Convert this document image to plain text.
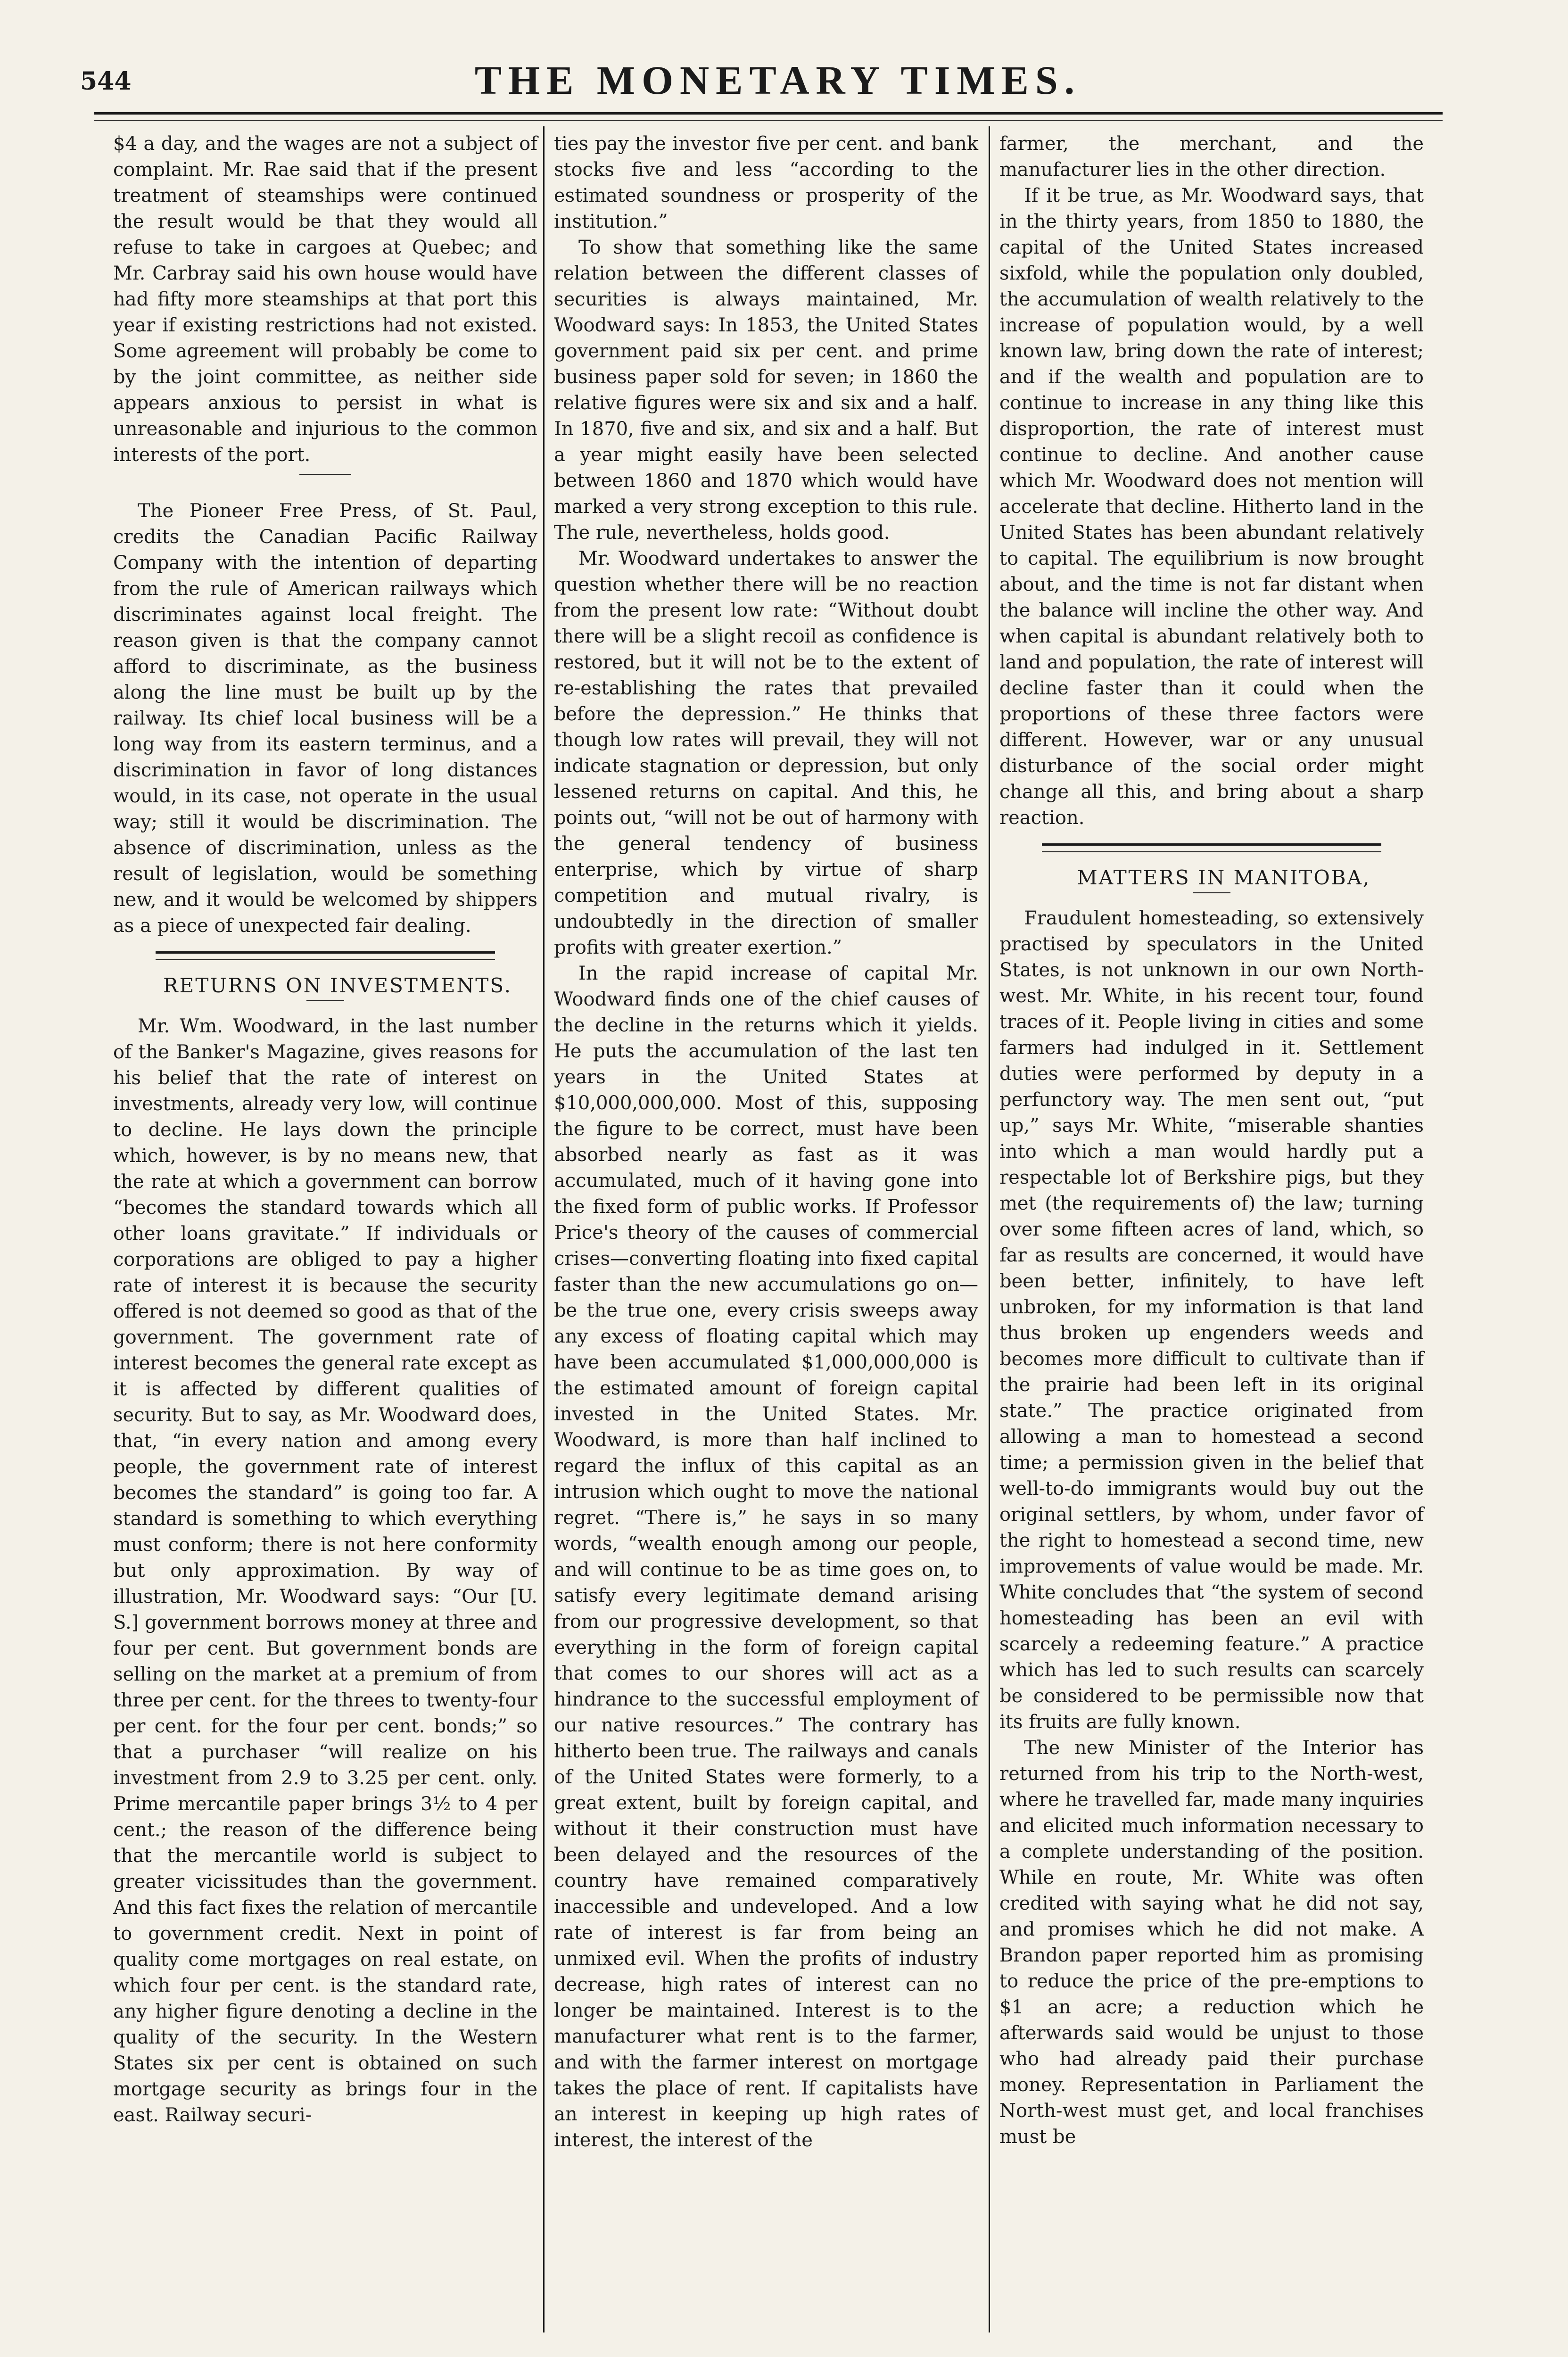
544	THE MONETARY TIMES.

$4 a day, and the wages are not a subject of complaint. Mr. Rae said that if the present treatment of steamships were continued the result would be that they would all refuse to take in cargoes at Quebec; and Mr. Carbray said his own house would have had fifty more steamships at that port this year if existing restrictions had not existed. Some agreement will probably be come to by the joint committee, as neither side appears anxious to persist in what is unreasonable and injurious to the common interests of the port.

The Pioneer Free Press, of St. Paul, credits the Canadian Pacific Railway Company with the intention of departing from the rule of American railways which discriminates against local freight. The reason given is that the company cannot afford to discriminate, as the business along the line must be built up by the railway. Its chief local business will be a long way from its eastern terminus, and a discrimination in favor of long distances would, in its case, not operate in the usual way; still it would be discrimination. The absence of discrimination, unless as the result of legislation, would be something new, and it would be welcomed by shippers as a piece of unexpected fair dealing.

RETURNS ON INVESTMENTS.

Mr. Wm. Woodward, in the last number of the Banker's Magazine, gives reasons for his belief that the rate of interest on investments, already very low, will continue to decline. He lays down the principle which, however, is by no means new, that the rate at which a government can borrow “becomes the standard towards which all other loans gravitate.” If individuals or corporations are obliged to pay a higher rate of interest it is because the security offered is not deemed so good as that of the government. The government rate of interest becomes the general rate except as it is affected by different qualities of security. But to say, as Mr. Woodward does, that, “in every nation and among every people, the government rate of interest becomes the standard” is going too far. A standard is something to which everything must conform; there is not here conformity but only approximation. By way of illustration, Mr. Woodward says: “Our [U. S.] government borrows money at three and four per cent. But government bonds are selling on the market at a premium of from three per cent. for the threes to twenty-four per cent. for the four per cent. bonds;” so that a purchaser “will realize on his investment from 2.9 to 3.25 per cent. only. Prime mercantile paper brings 3½ to 4 per cent.; the reason of the difference being that the mercantile world is subject to greater vicissitudes than the government. And this fact fixes the relation of mercantile to government credit. Next in point of quality come mortgages on real estate, on which four per cent. is the standard rate, any higher figure denoting a decline in the quality of the security. In the Western States six per cent is obtained on such mortgage security as brings four in the east. Railway securi-

ties pay the investor five per cent. and bank stocks five and less “according to the estimated soundness or prosperity of the institution.”

To show that something like the same relation between the different classes of securities is always maintained, Mr. Woodward says: In 1853, the United States government paid six per cent. and prime business paper sold for seven; in 1860 the relative figures were six and six and a half. In 1870, five and six, and six and a half. But a year might easily have been selected between 1860 and 1870 which would have marked a very strong exception to this rule. The rule, nevertheless, holds good.

Mr. Woodward undertakes to answer the question whether there will be no reaction from the present low rate: “Without doubt there will be a slight recoil as confidence is restored, but it will not be to the extent of re-establishing the rates that prevailed before the depression.” He thinks that though low rates will prevail, they will not indicate stagnation or depression, but only lessened returns on capital. And this, he points out, “will not be out of harmony with the general tendency of business enterprise, which by virtue of sharp competition and mutual rivalry, is undoubtedly in the direction of smaller profits with greater exertion.”

In the rapid increase of capital Mr. Woodward finds one of the chief causes of the decline in the returns which it yields. He puts the accumulation of the last ten years in the United States at $10,000,000,000. Most of this, supposing the figure to be correct, must have been absorbed nearly as fast as it was accumulated, much of it having gone into the fixed form of public works. If Professor Price's theory of the causes of commercial crises—converting floating into fixed capital faster than the new accumulations go on—be the true one, every crisis sweeps away any excess of floating capital which may have been accumulated $1,000,000,000 is the estimated amount of foreign capital invested in the United States. Mr. Woodward, is more than half inclined to regard the influx of this capital as an intrusion which ought to move the national regret. “There is,” he says in so many words, “wealth enough among our people, and will continue to be as time goes on, to satisfy every legitimate demand arising from our progressive development, so that everything in the form of foreign capital that comes to our shores will act as a hindrance to the successful employment of our native resources.” The contrary has hitherto been true. The railways and canals of the United States were formerly, to a great extent, built by foreign capital, and without it their construction must have been delayed and the resources of the country have remained comparatively inaccessible and undeveloped. And a low rate of interest is far from being an unmixed evil. When the profits of industry decrease, high rates of interest can no longer be maintained. Interest is to the manufacturer what rent is to the farmer, and with the farmer interest on mortgage takes the place of rent. If capitalists have an interest in keeping up high rates of interest, the interest of the

farmer, the merchant, and the manufacturer lies in the other direction.

If it be true, as Mr. Woodward says, that in the thirty years, from 1850 to 1880, the capital of the United States increased sixfold, while the population only doubled, the accumulation of wealth relatively to the increase of population would, by a well known law, bring down the rate of interest; and if the wealth and population are to continue to increase in any thing like this disproportion, the rate of interest must continue to decline. And another cause which Mr. Woodward does not mention will accelerate that decline. Hitherto land in the United States has been abundant relatively to capital. The equilibrium is now brought about, and the time is not far distant when the balance will incline the other way. And when capital is abundant relatively both to land and population, the rate of interest will decline faster than it could when the proportions of these three factors were different. However, war or any unusual disturbance of the social order might change all this, and bring about a sharp reaction.

MATTERS IN MANITOBA,

Fraudulent homesteading, so extensively practised by speculators in the United States, is not unknown in our own North-west. Mr. White, in his recent tour, found traces of it. People living in cities and some farmers had indulged in it. Settlement duties were performed by deputy in a perfunctory way. The men sent out, “put up,” says Mr. White, “miserable shanties into which a man would hardly put a respectable lot of Berkshire pigs, but they met (the requirements of) the law; turning over some fifteen acres of land, which, so far as results are concerned, it would have been better, infinitely, to have left unbroken, for my information is that land thus broken up engenders weeds and becomes more difficult to cultivate than if the prairie had been left in its original state.” The practice originated from allowing a man to homestead a second time; a permission given in the belief that well-to-do immigrants would buy out the original settlers, by whom, under favor of the right to homestead a second time, new improvements of value would be made. Mr. White concludes that “the system of second homesteading has been an evil with scarcely a redeeming feature.” A practice which has led to such results can scarcely be considered to be permissible now that its fruits are fully known.

The new Minister of the Interior has returned from his trip to the North-west, where he travelled far, made many inquiries and elicited much information necessary to a complete understanding of the position. While en route, Mr. White was often credited with saying what he did not say, and promises which he did not make. A Brandon paper reported him as promising to reduce the price of the pre-emptions to $1 an acre; a reduction which he afterwards said would be unjust to those who had already paid their purchase money. Representation in Parliament the North-west must get, and local franchises must be
